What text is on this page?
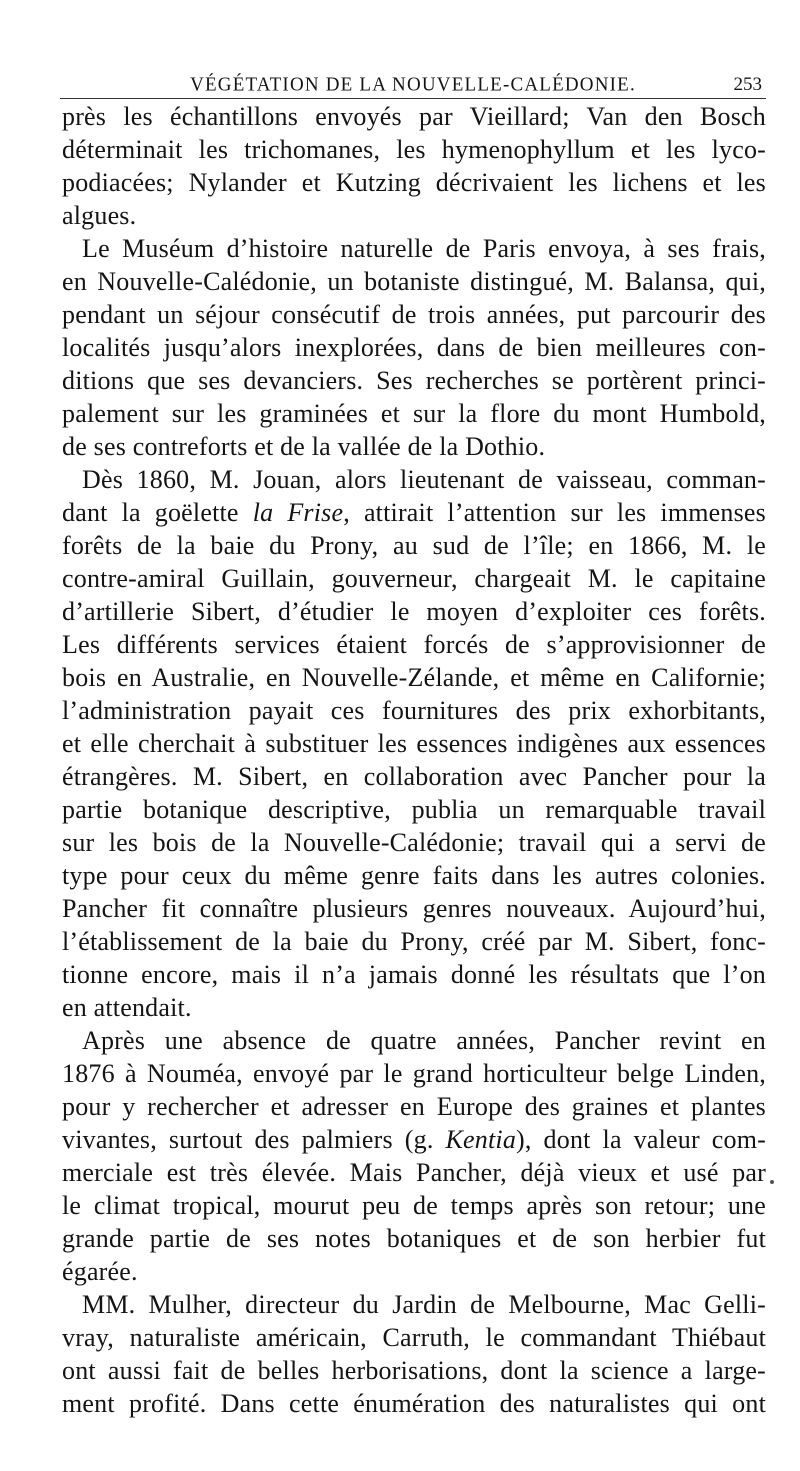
VÉGÉTATION DE LA NOUVELLE-CALÉDONIE.	253
près les échantillons envoyés par Vieillard; Van den Bosch
déterminait les trichomanes, les hymenophyllum et les lyco-
podiacées; Nylander et Kutzing décrivaient les lichens et les
algues.
Le Muséum d’histoire naturelle de Paris envoya, à ses frais,
en Nouvelle-Calédonie, un botaniste distingué, M. Balansa, qui,
pendant un séjour consécutif de trois années, put parcourir des
localités jusqu’alors inexplorées, dans de bien meilleures con-
ditions que ses devanciers. Ses recherches se portèrent princi-
palement sur les graminées et sur la flore du mont Humbold,
de ses contreforts et de la vallée de la Dothio.
Dès 1860, M. Jouan, alors lieutenant de vaisseau, comman-
dant la goëlette la Frise, attirait l’attention sur les immenses
forêts de la baie du Prony, au sud de l’île; en 1866, M. le
contre-amiral Guillain, gouverneur, chargeait M. le capitaine
d’artillerie Sibert, d’étudier le moyen d’exploiter ces forêts.
Les différents services étaient forcés de s’approvisionner de
bois en Australie, en Nouvelle-Zélande, et même en Californie;
l’administration payait ces fournitures des prix exhorbitants,
et elle cherchait à substituer les essences indigènes aux essences
étrangères. M. Sibert, en collaboration avec Pancher pour la
partie botanique descriptive, publia un remarquable travail
sur les bois de la Nouvelle-Calédonie; travail qui a servi de
type pour ceux du même genre faits dans les autres colonies.
Pancher fit connaître plusieurs genres nouveaux. Aujourd’hui,
l’établissement de la baie du Prony, créé par M. Sibert, fonc-
tionne encore, mais il n’a jamais donné les résultats que l’on
en attendait.
Après une absence de quatre années, Pancher revint en
1876 à Nouméa, envoyé par le grand horticulteur belge Linden,
pour y rechercher et adresser en Europe des graines et plantes
vivantes, surtout des palmiers (g. Kentia), dont la valeur com-
merciale est très élevée. Mais Pancher, déjà vieux et usé par
le climat tropical, mourut peu de temps après son retour; une
grande partie de ses notes botaniques et de son herbier fut
égarée.
MM. Mulher, directeur du Jardin de Melbourne, Mac Gelli-
vray, naturaliste américain, Carruth, le commandant Thiébaut
ont aussi fait de belles herborisations, dont la science a large-
ment profité. Dans cette énumération des naturalistes qui ont
